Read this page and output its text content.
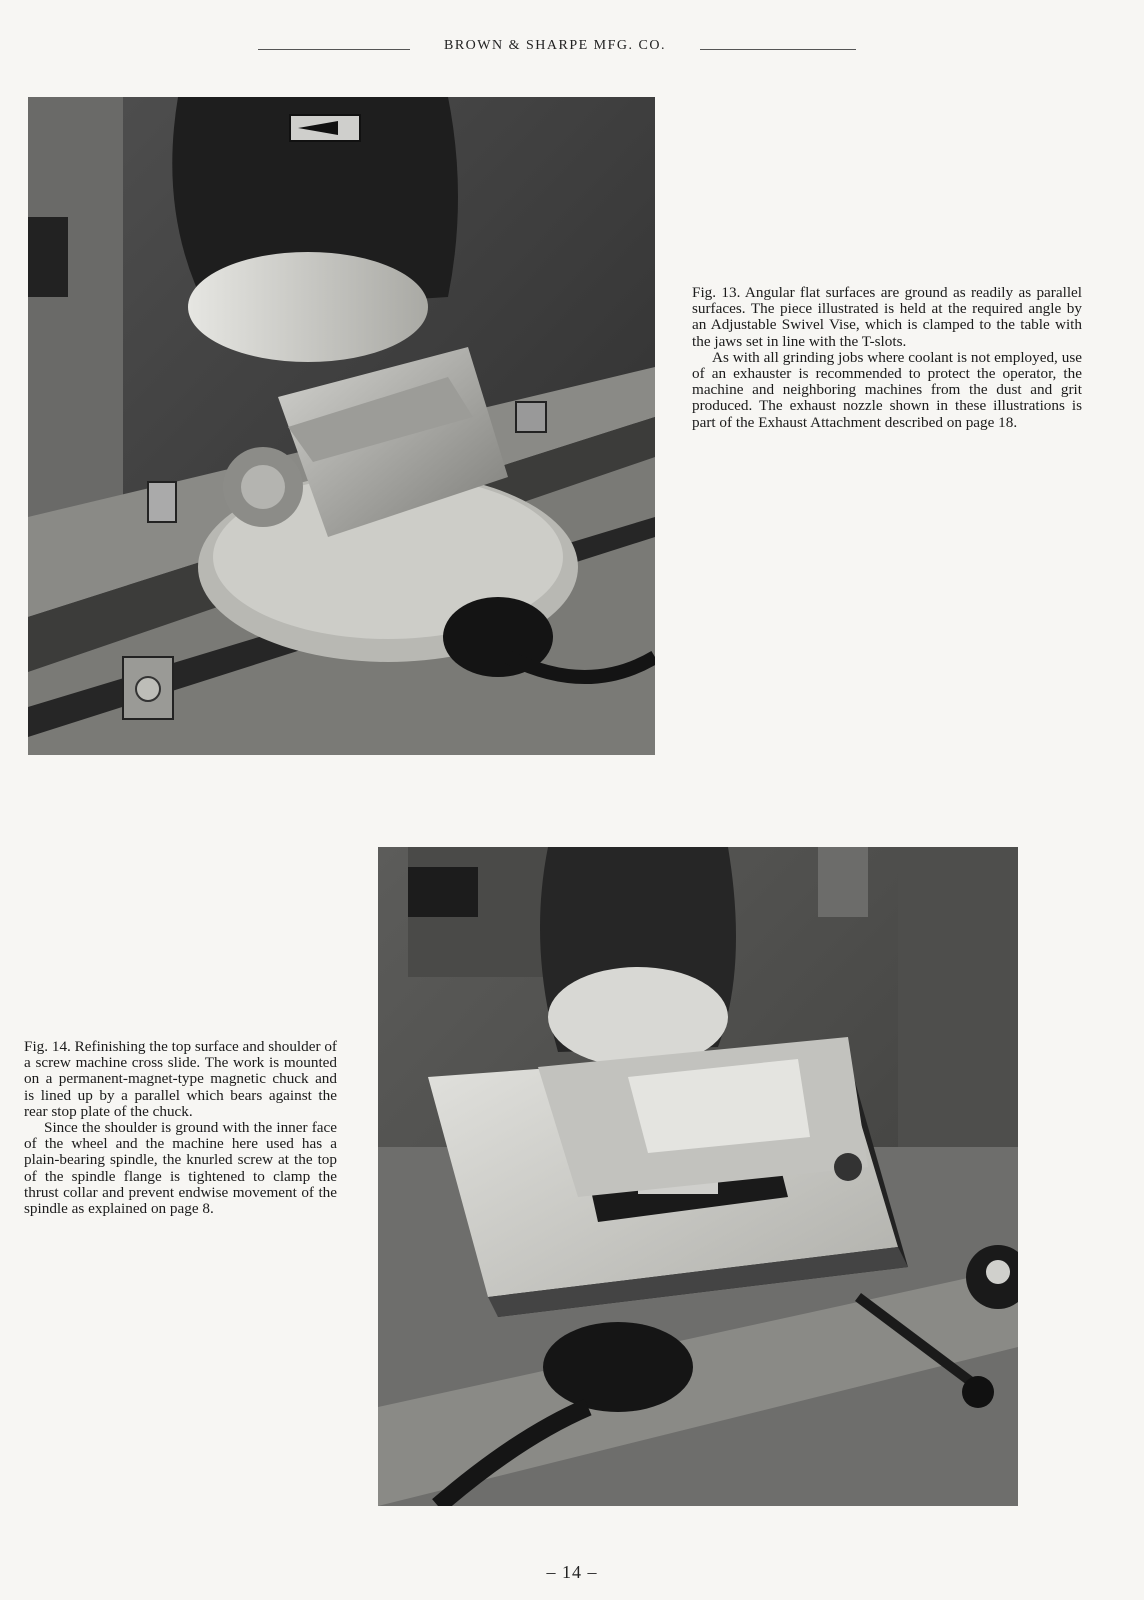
BROWN & SHARPE MFG. CO.

Fig. 13. Angular flat surfaces are ground as readily as parallel surfaces. The piece illustrated is held at the required angle by an Adjustable Swivel Vise, which is clamped to the table with the jaws set in line with the T-slots.

As with all grinding jobs where coolant is not employed, use of an exhauster is recommended to protect the operator, the machine and neighboring machines from the dust and grit produced. The exhaust nozzle shown in these illustrations is part of the Exhaust Attachment described on page 18.

Fig. 14. Refinishing the top surface and shoulder of a screw machine cross slide. The work is mounted on a permanent-magnet-type magnetic chuck and is lined up by a parallel which bears against the rear stop plate of the chuck.

Since the shoulder is ground with the inner face of the wheel and the machine here used has a plain-bearing spindle, the knurled screw at the top of the spindle flange is tightened to clamp the thrust collar and prevent endwise movement of the spindle as explained on page 8.

– 14 –
